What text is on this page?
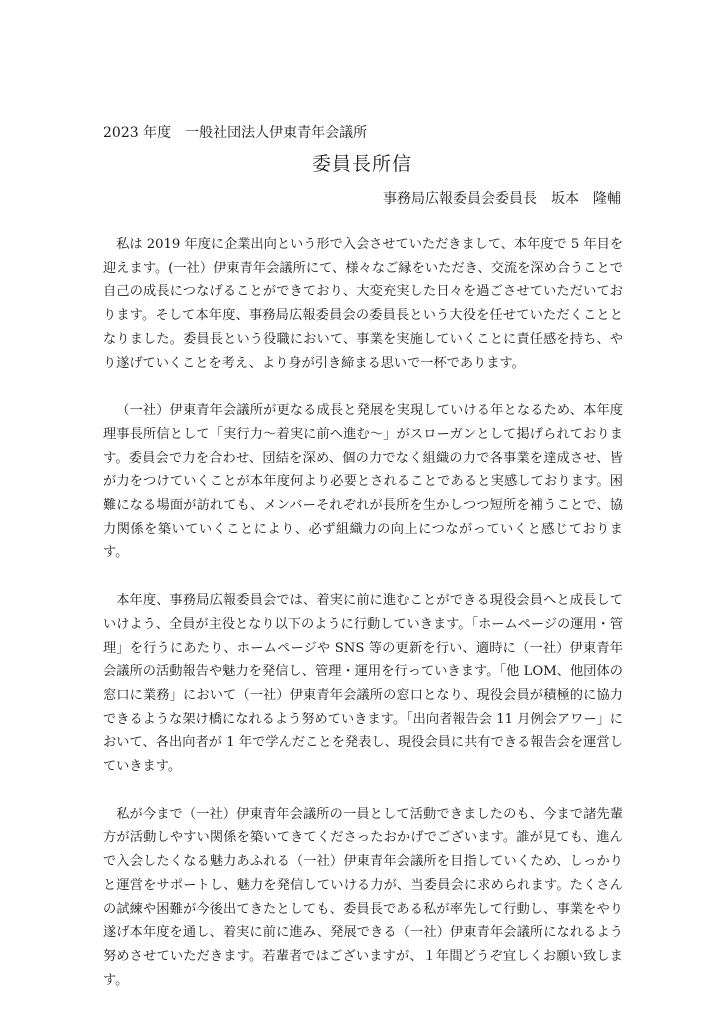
2023 年度　一般社団法人伊東青年会議所
委員長所信
事務局広報委員会委員長　坂本　隆輔

私は 2019 年度に企業出向という形で入会させていただきまして、本年度で 5 年目を迎えます。(一社）伊東青年会議所にて、様々なご縁をいただき、交流を深め合うことで自己の成長につなげることができており、大変充実した日々を過ごさせていただいております。そして本年度、事務局広報委員会の委員長という大役を任せていただくこととなりました。委員長という役職において、事業を実施していくことに責任感を持ち、やり遂げていくことを考え、より身が引き締まる思いで一杯であります。

（一社）伊東青年会議所が更なる成長と発展を実現していける年となるため、本年度理事長所信として「実行力～着実に前へ進む～」がスローガンとして掲げられております。委員会で力を合わせ、団結を深め、個の力でなく組織の力で各事業を達成させ、皆が力をつけていくことが本年度何より必要とされることであると実感しております。困難になる場面が訪れても、メンバーそれぞれが長所を生かしつつ短所を補うことで、協力関係を築いていくことにより、必ず組織力の向上につながっていくと感じております。

本年度、事務局広報委員会では、着実に前に進むことができる現役会員へと成長していけよう、全員が主役となり以下のように行動していきます。「ホームページの運用・管理」を行うにあたり、ホームページや SNS 等の更新を行い、適時に（一社）伊東青年会議所の活動報告や魅力を発信し、管理・運用を行っていきます。「他 LOM、他団体の窓口に業務」において（一社）伊東青年会議所の窓口となり、現役会員が積極的に協力できるような架け橋になれるよう努めていきます。「出向者報告会 11 月例会アワー」において、各出向者が 1 年で学んだことを発表し、現役会員に共有できる報告会を運営していきます。

私が今まで（一社）伊東青年会議所の一員として活動できましたのも、今まで諸先輩方が活動しやすい関係を築いてきてくださったおかげでございます。誰が見ても、進んで入会したくなる魅力あふれる（一社）伊東青年会議所を目指していくため、しっかりと運営をサポートし、魅力を発信していける力が、当委員会に求められます。たくさんの試練や困難が今後出てきたとしても、委員長である私が率先して行動し、事業をやり遂げ本年度を通し、着実に前に進み、発展できる（一社）伊東青年会議所になれるよう努めさせていただきます。若輩者ではございますが、１年間どうぞ宜しくお願い致します。
